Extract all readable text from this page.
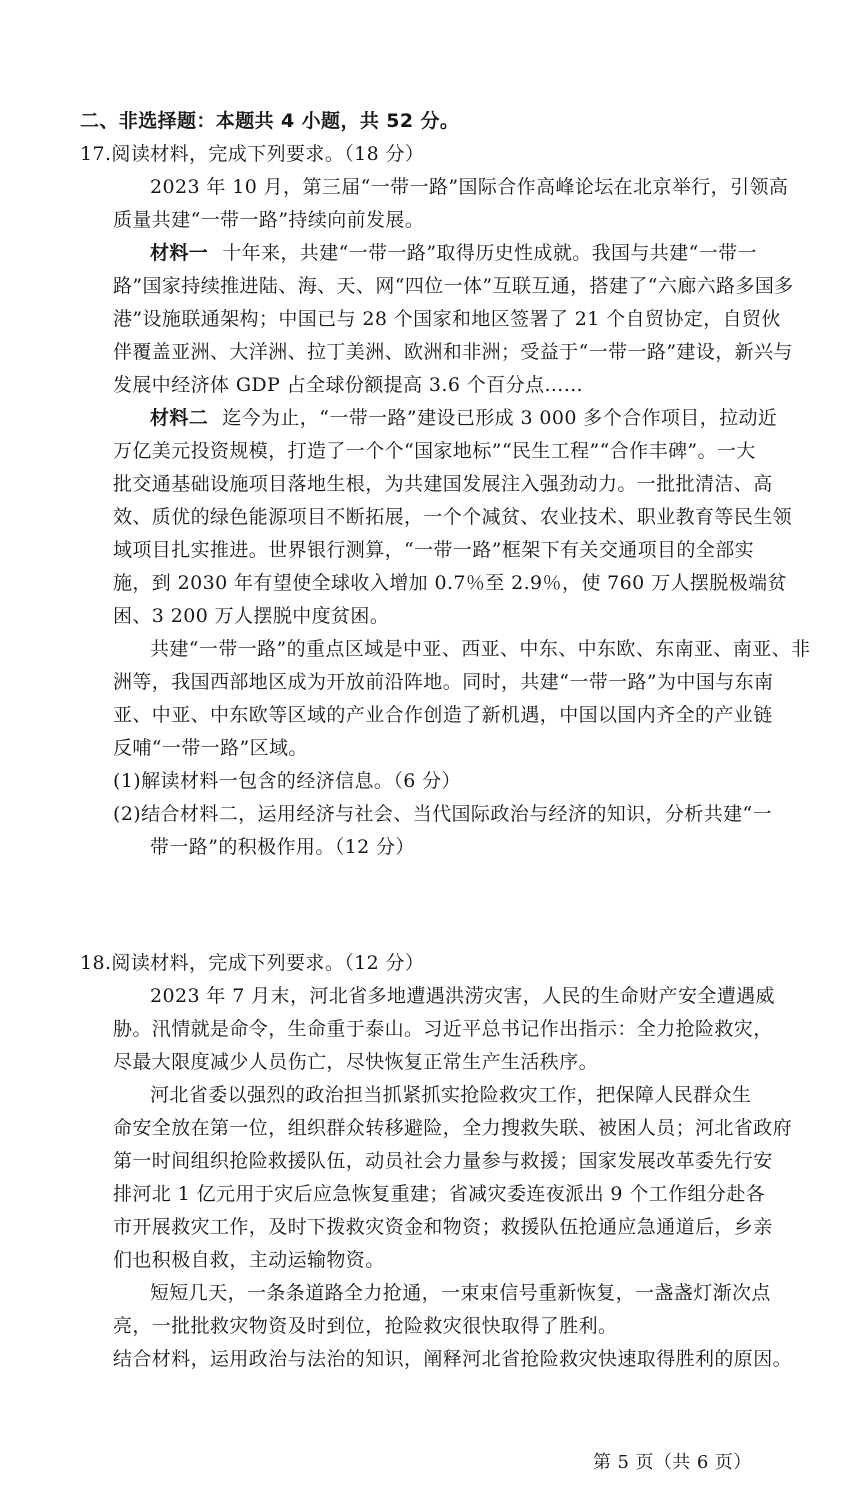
二、非选择题：本题共 4 小题，共 52 分。
17.阅读材料，完成下列要求。（18 分）
2023 年 10 月，第三届“一带一路”国际合作高峰论坛在北京举行，引领高
质量共建“一带一路”持续向前发展。
材料一 十年来，共建“一带一路”取得历史性成就。我国与共建“一带一
路”国家持续推进陆、海、天、网“四位一体”互联互通，搭建了“六廊六路多国多
港”设施联通架构；中国已与 28 个国家和地区签署了 21 个自贸协定，自贸伙
伴覆盖亚洲、大洋洲、拉丁美洲、欧洲和非洲；受益于“一带一路”建设，新兴与
发展中经济体 GDP 占全球份额提高 3.6 个百分点……
材料二 迄今为止，“一带一路”建设已形成 3 000 多个合作项目，拉动近
万亿美元投资规模，打造了一个个“国家地标”“民生工程”“合作丰碑”。一大
批交通基础设施项目落地生根，为共建国发展注入强劲动力。一批批清洁、高
效、质优的绿色能源项目不断拓展，一个个减贫、农业技术、职业教育等民生领
域项目扎实推进。世界银行测算，“一带一路”框架下有关交通项目的全部实
施，到 2030 年有望使全球收入增加 0.7％至 2.9％，使 760 万人摆脱极端贫
困、3 200 万人摆脱中度贫困。
共建“一带一路”的重点区域是中亚、西亚、中东、中东欧、东南亚、南亚、非
洲等，我国西部地区成为开放前沿阵地。同时，共建“一带一路”为中国与东南
亚、中亚、中东欧等区域的产业合作创造了新机遇，中国以国内齐全的产业链
反哺“一带一路”区域。
(1)解读材料一包含的经济信息。（6 分）
(2)结合材料二，运用经济与社会、当代国际政治与经济的知识，分析共建“一
带一路”的积极作用。（12 分）
18.阅读材料，完成下列要求。（12 分）
2023 年 7 月末，河北省多地遭遇洪涝灾害，人民的生命财产安全遭遇威
胁。汛情就是命令，生命重于泰山。习近平总书记作出指示：全力抢险救灾，
尽最大限度减少人员伤亡，尽快恢复正常生产生活秩序。
河北省委以强烈的政治担当抓紧抓实抢险救灾工作，把保障人民群众生
命安全放在第一位，组织群众转移避险，全力搜救失联、被困人员；河北省政府
第一时间组织抢险救援队伍，动员社会力量参与救援；国家发展改革委先行安
排河北 1 亿元用于灾后应急恢复重建；省减灾委连夜派出 9 个工作组分赴各
市开展救灾工作，及时下拨救灾资金和物资；救援队伍抢通应急通道后，乡亲
们也积极自救，主动运输物资。
短短几天，一条条道路全力抢通，一束束信号重新恢复，一盏盏灯渐次点
亮，一批批救灾物资及时到位，抢险救灾很快取得了胜利。
结合材料，运用政治与法治的知识，阐释河北省抢险救灾快速取得胜利的原因。
第 5 页（共 6 页）
